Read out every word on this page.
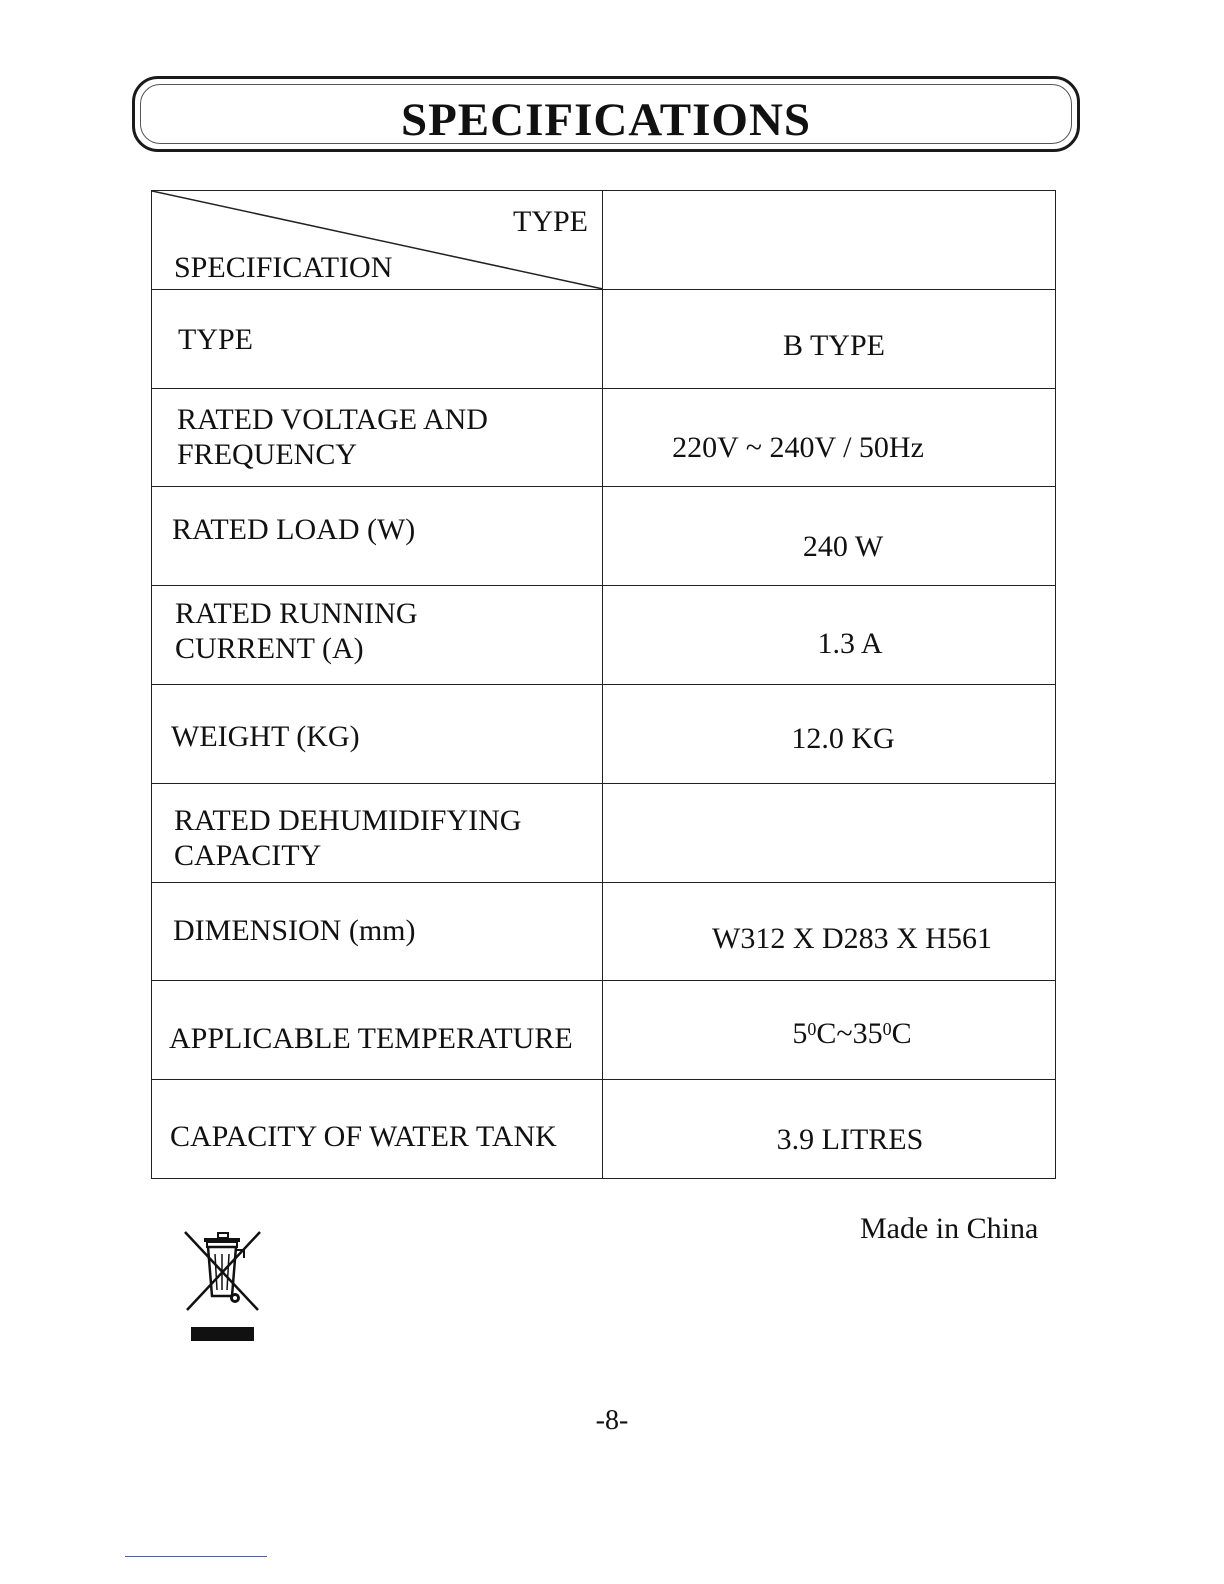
SPECIFICATIONS
TYPE
SPECIFICATION	

TYPE	B TYPE

RATED VOLTAGE AND
FREQUENCY	220V ~ 240V / 50Hz

RATED LOAD (W)	240 W

RATED RUNNING
CURRENT (A)	1.3 A

WEIGHT (KG)	12.0 KG

RATED DEHUMIDIFYING
CAPACITY	

DIMENSION (mm)	W312 X D283 X H561

APPLICABLE TEMPERATURE	$5^0C\sim 35^0C$

CAPACITY OF WATER TANK	3.9 LITRES
Made in China
-8-
